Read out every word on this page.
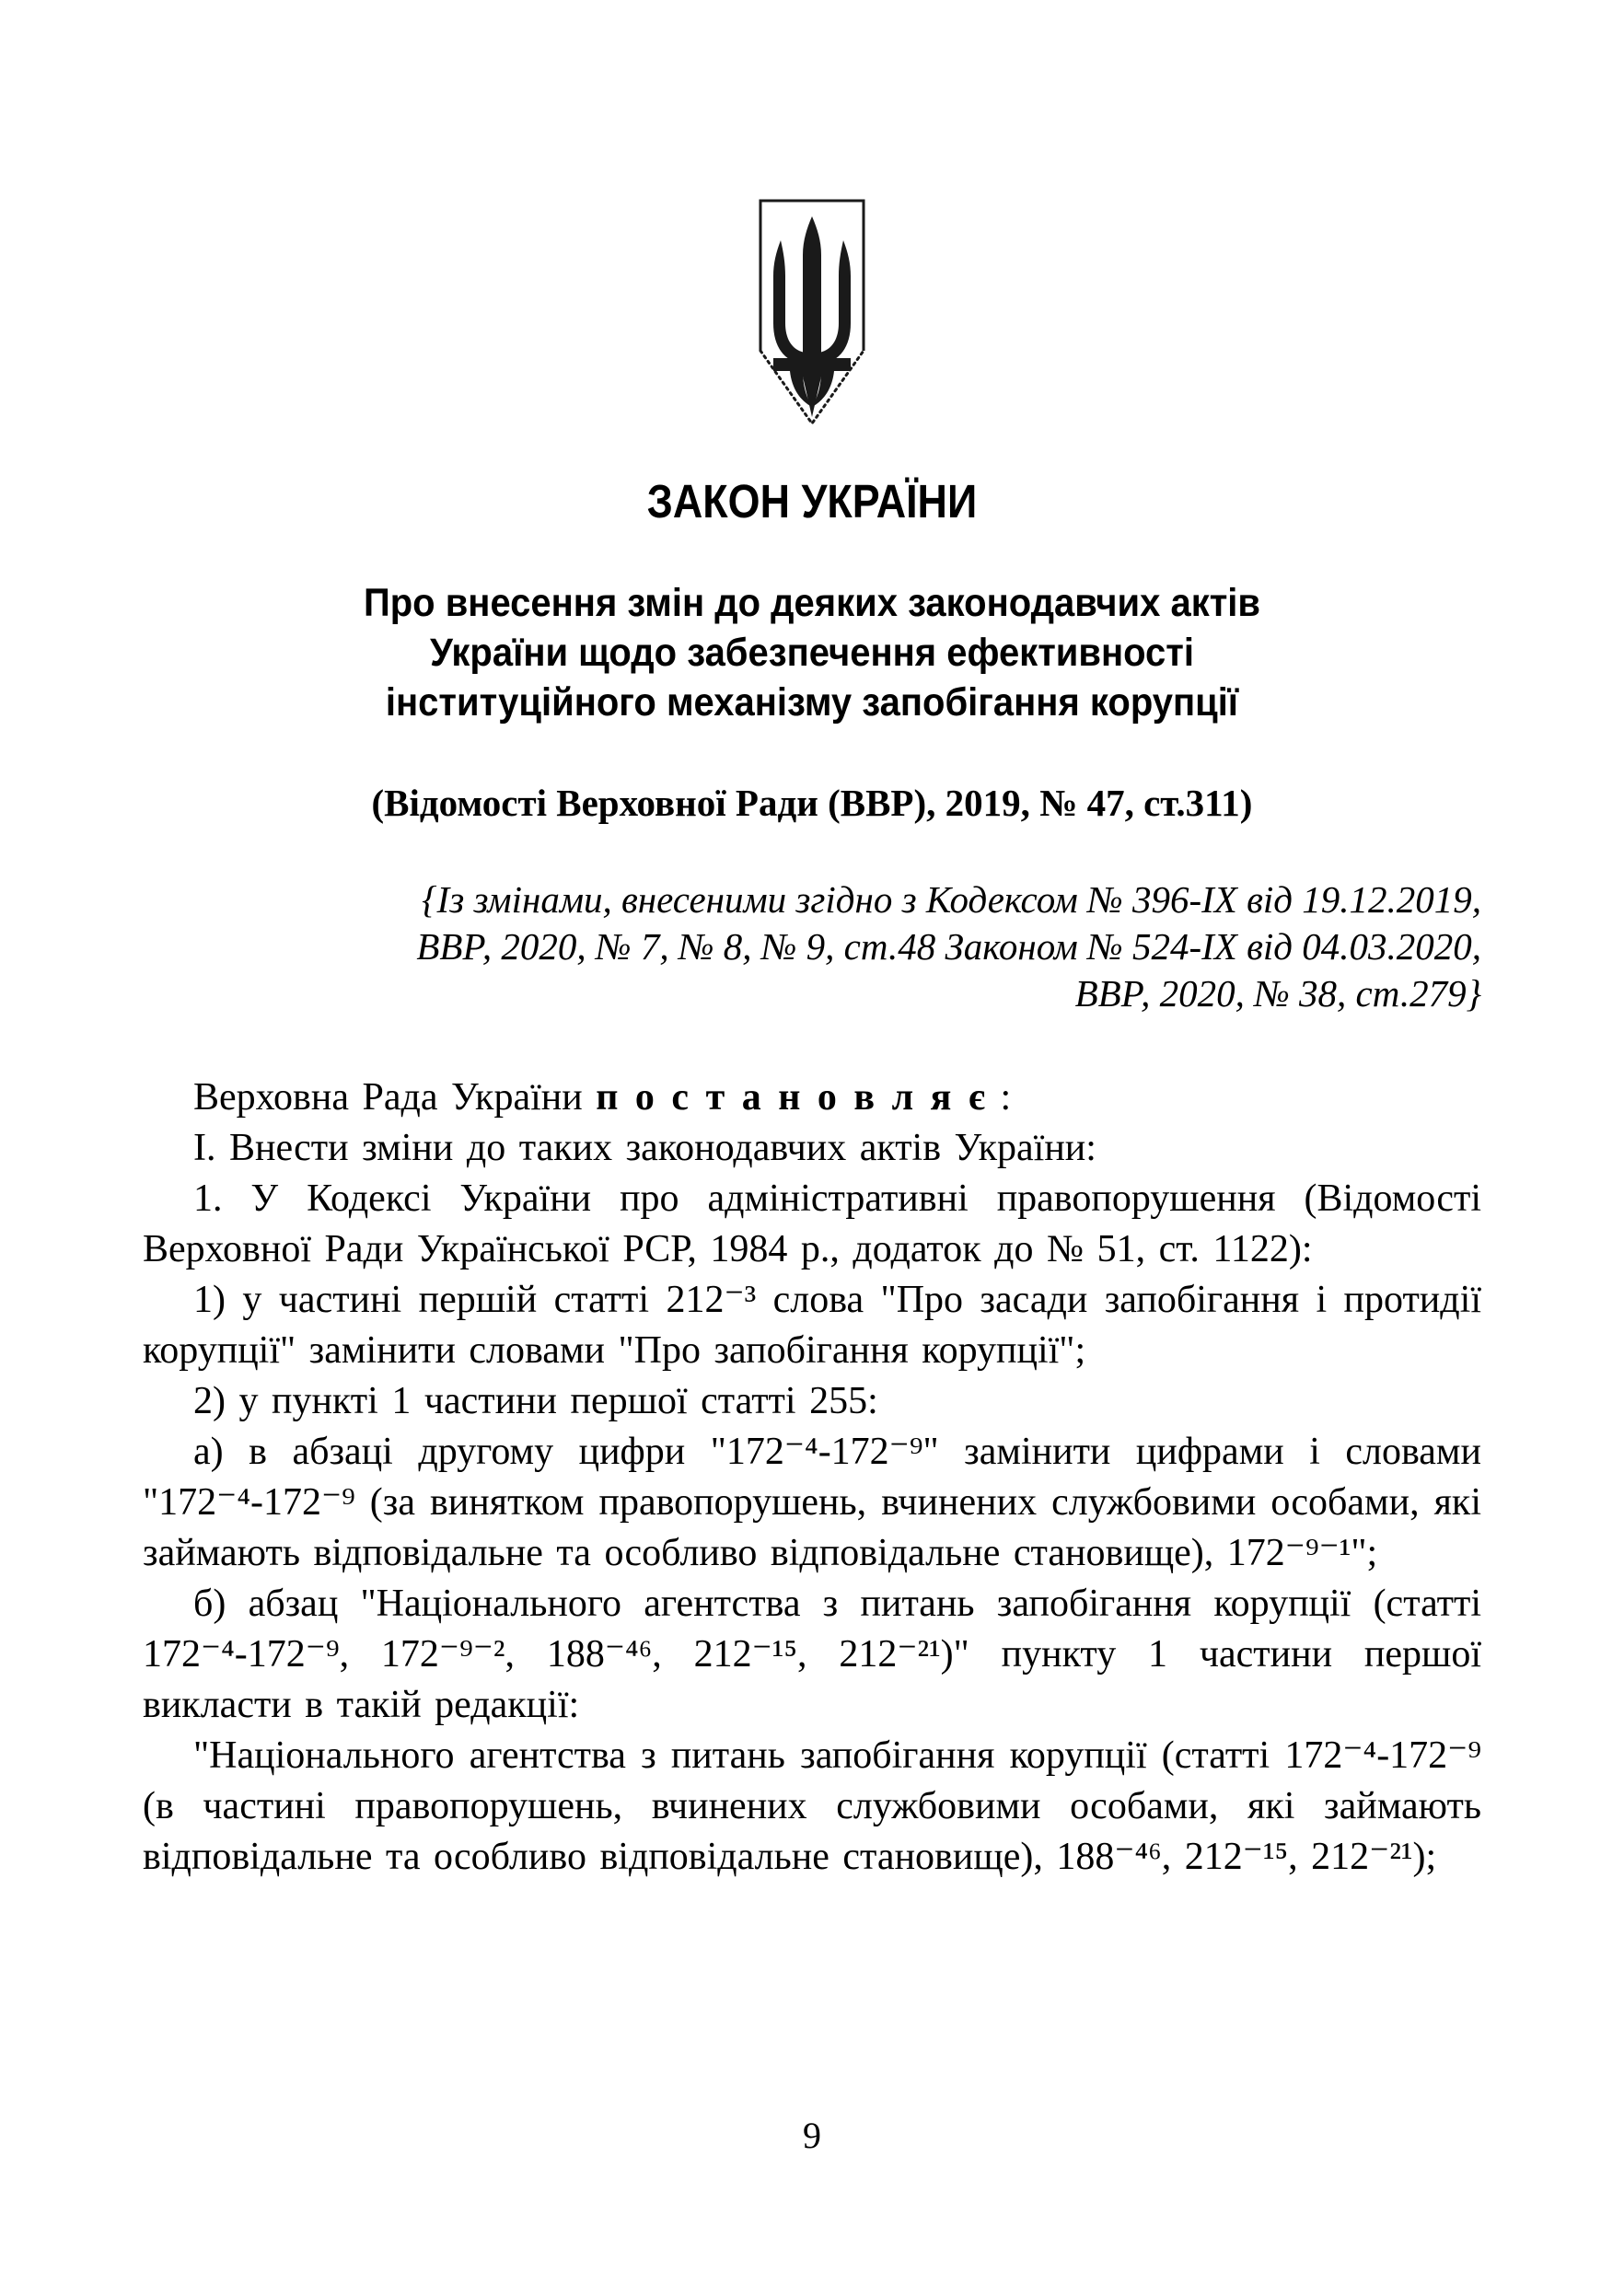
ЗАКОН УКРАЇНИ
Про внесення змін до деяких законодавчих актів
України щодо забезпечення ефективності
інституційного механізму запобігання корупції

(Відомості Верховної Ради (ВВР), 2019, № 47, ст.311)

{Із змінами, внесеними згідно з Кодексом № 396-IX від 19.12.2019,
ВВР, 2020, № 7, № 8, № 9, ст.48 Законом № 524-IX від 04.03.2020,
ВВР, 2020, № 38, ст.279}

Верховна Рада України п о с т а н о в л я є :

І. Внести зміни до таких законодавчих актів України:

1. У Кодексі України про адміністративні правопорушення (Відомості Верховної Ради Української РСР, 1984 р., додаток до № 51, ст. 1122):

1) у частині першій статті 212⁻³ слова "Про засади запобігання і протидії корупції" замінити словами "Про запобігання корупції";

2) у пункті 1 частини першої статті 255:

а) в абзаці другому цифри "172⁻⁴-172⁻⁹" замінити цифрами і словами "172⁻⁴-172⁻⁹ (за винятком правопорушень, вчинених службовими особами, які займають відповідальне та особливо відповідальне становище), 172⁻⁹⁻¹";

б) абзац "Національного агентства з питань запобігання корупції (статті 172⁻⁴-172⁻⁹, 172⁻⁹⁻², 188⁻⁴⁶, 212⁻¹⁵, 212⁻²¹)" пункту 1 частини першої викласти в такій редакції:

"Національного агентства з питань запобігання корупції (статті 172⁻⁴-172⁻⁹ (в частині правопорушень, вчинених службовими особами, які займають відповідальне та особливо відповідальне становище), 188⁻⁴⁶, 212⁻¹⁵, 212⁻²¹);

9
